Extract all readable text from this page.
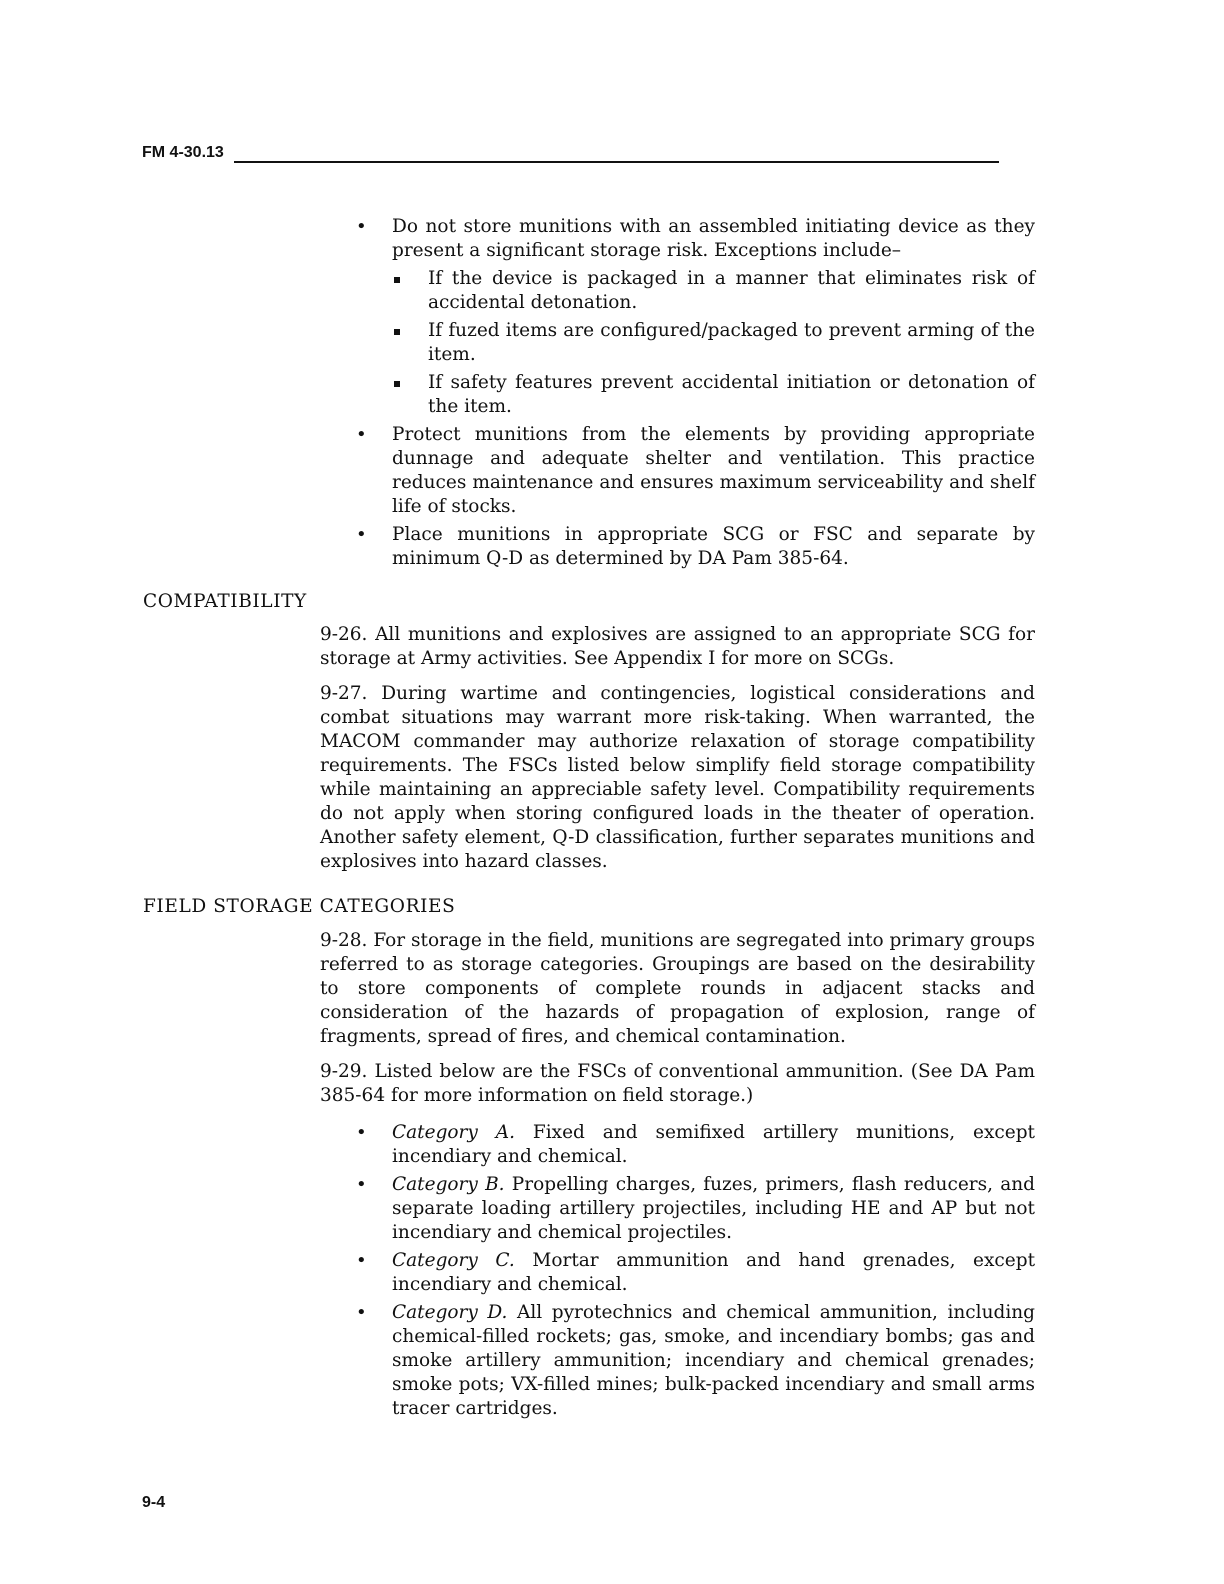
FM 4-30.13
• Do not store munitions with an assembled initiating device as they present a significant storage risk. Exceptions include–
If the device is packaged in a manner that eliminates risk of accidental detonation.
If fuzed items are configured/packaged to prevent arming of the item.
If safety features prevent accidental initiation or detonation of the item.
• Protect munitions from the elements by providing appropriate dunnage and adequate shelter and ventilation. This practice reduces maintenance and ensures maximum serviceability and shelf life of stocks.
• Place munitions in appropriate SCG or FSC and separate by minimum Q-D as determined by DA Pam 385-64.
COMPATIBILITY
9-26. All munitions and explosives are assigned to an appropriate SCG for storage at Army activities. See Appendix I for more on SCGs.
9-27. During wartime and contingencies, logistical considerations and combat situations may warrant more risk-taking. When warranted, the MACOM commander may authorize relaxation of storage compatibility requirements. The FSCs listed below simplify field storage compatibility while maintaining an appreciable safety level. Compatibility requirements do not apply when storing configured loads in the theater of operation. Another safety element, Q-D classification, further separates munitions and explosives into hazard classes.
FIELD STORAGE CATEGORIES
9-28. For storage in the field, munitions are segregated into primary groups referred to as storage categories. Groupings are based on the desirability to store components of complete rounds in adjacent stacks and consideration of the hazards of propagation of explosion, range of fragments, spread of fires, and chemical contamination.
9-29. Listed below are the FSCs of conventional ammunition. (See DA Pam 385-64 for more information on field storage.)
• Category A. Fixed and semifixed artillery munitions, except incendiary and chemical.
• Category B. Propelling charges, fuzes, primers, flash reducers, and separate loading artillery projectiles, including HE and AP but not incendiary and chemical projectiles.
• Category C. Mortar ammunition and hand grenades, except incendiary and chemical.
• Category D. All pyrotechnics and chemical ammunition, including chemical-filled rockets; gas, smoke, and incendiary bombs; gas and smoke artillery ammunition; incendiary and chemical grenades; smoke pots; VX-filled mines; bulk-packed incendiary and small arms tracer cartridges.
9-4
